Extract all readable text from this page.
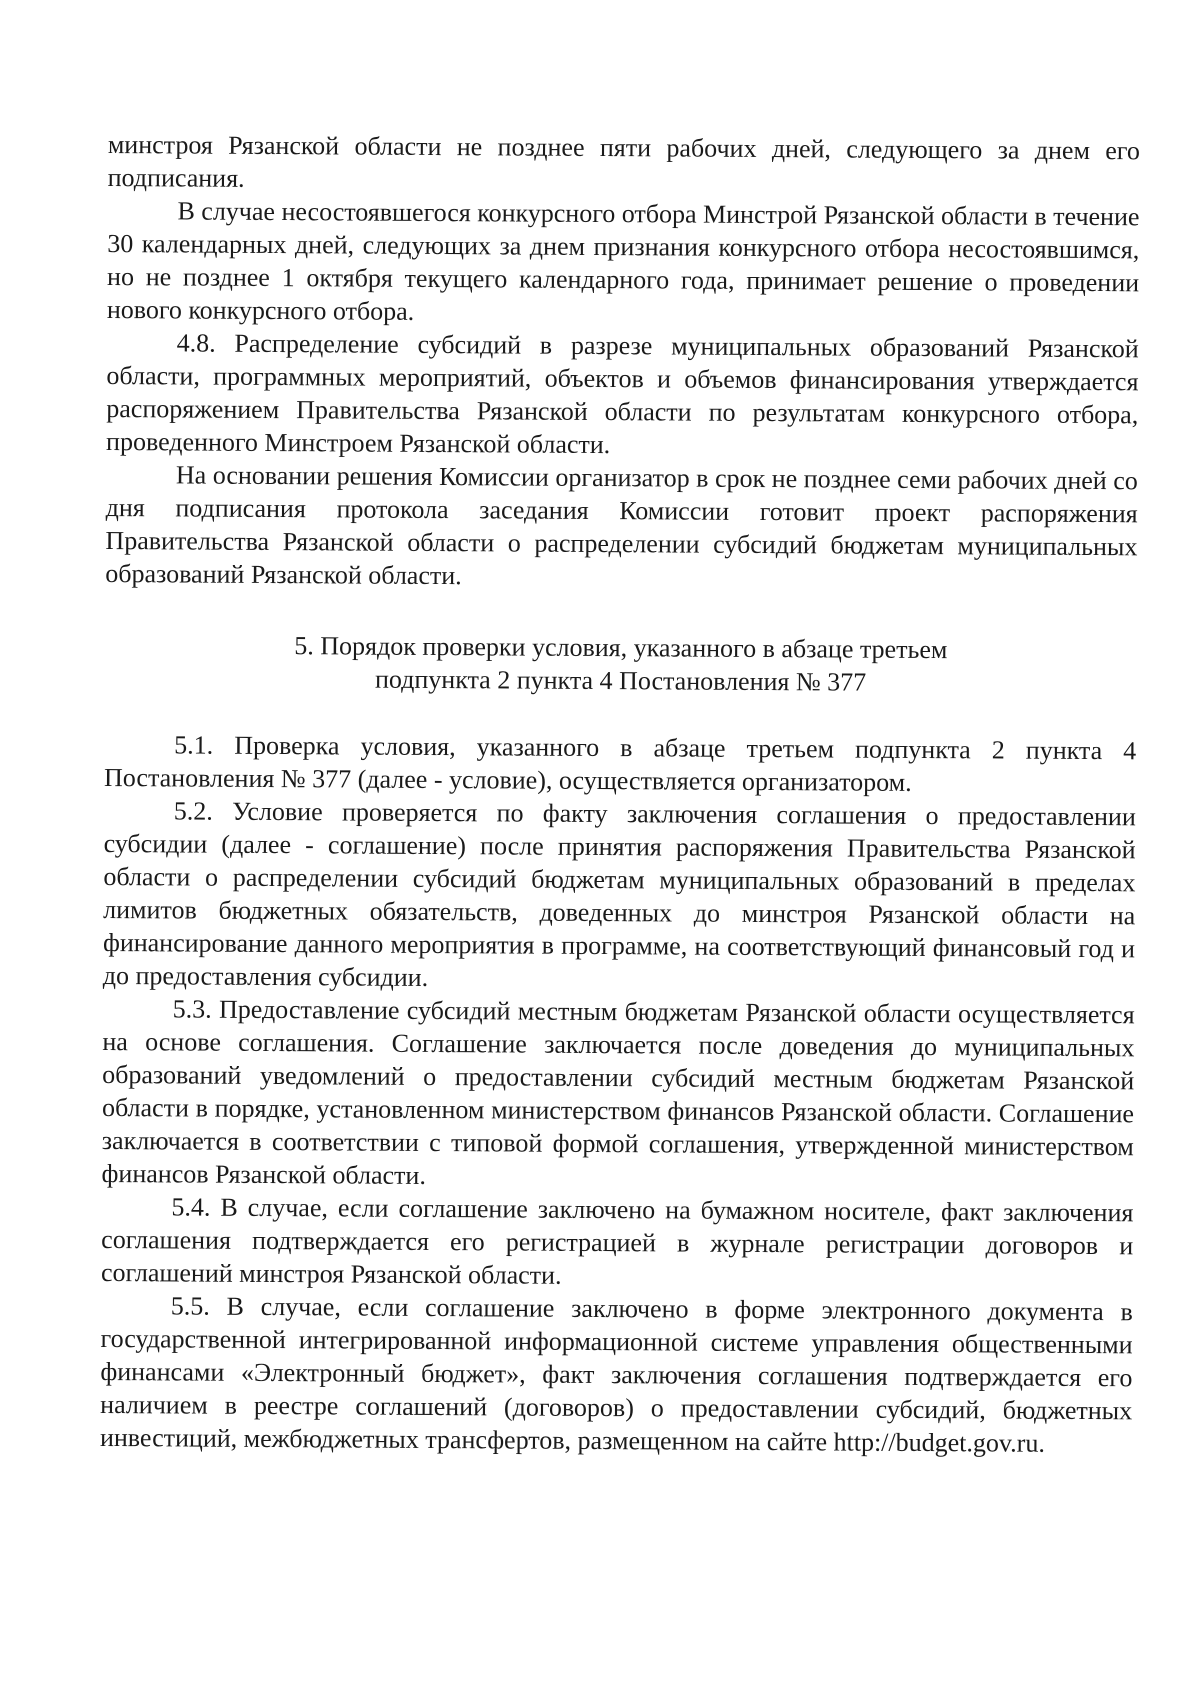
минстроя Рязанской области не позднее пяти рабочих дней, следующего за днем его подписания.

В случае несостоявшегося конкурсного отбора Минстрой Рязанской области в течение 30 календарных дней, следующих за днем признания конкурсного отбора несостоявшимся, но не позднее 1 октября текущего календарного года, принимает решение о проведении нового конкурсного отбора.

4.8. Распределение субсидий в разрезе муниципальных образований Рязанской области, программных мероприятий, объектов и объемов финансирования утверждается распоряжением Правительства Рязанской области по результатам конкурсного отбора, проведенного Минстроем Рязанской области.

На основании решения Комиссии организатор в срок не позднее семи рабочих дней со дня подписания протокола заседания Комиссии готовит проект распоряжения Правительства Рязанской области о распределении субсидий бюджетам муниципальных образований Рязанской области.

5. Порядок проверки условия, указанного в абзаце третьем
подпункта 2 пункта 4 Постановления № 377

5.1. Проверка условия, указанного в абзаце третьем подпункта 2 пункта 4 Постановления № 377 (далее - условие), осуществляется организатором.

5.2. Условие проверяется по факту заключения соглашения о предоставлении субсидии (далее - соглашение) после принятия распоряжения Правительства Рязанской области о распределении субсидий бюджетам муниципальных образований в пределах лимитов бюджетных обязательств, доведенных до минстроя Рязанской области на финансирование данного мероприятия в программе, на соответствующий финансовый год и до предоставления субсидии.

5.3. Предоставление субсидий местным бюджетам Рязанской области осуществляется на основе соглашения. Соглашение заключается после доведения до муниципальных образований уведомлений о предоставлении субсидий местным бюджетам Рязанской области в порядке, установленном министерством финансов Рязанской области. Соглашение заключается в соответствии с типовой формой соглашения, утвержденной министерством финансов Рязанской области.

5.4. В случае, если соглашение заключено на бумажном носителе, факт заключения соглашения подтверждается его регистрацией в журнале регистрации договоров и соглашений минстроя Рязанской области.

5.5. В случае, если соглашение заключено в форме электронного документа в государственной интегрированной информационной системе управления общественными финансами «Электронный бюджет», факт заключения соглашения подтверждается его наличием в реестре соглашений (договоров) о предоставлении субсидий, бюджетных инвестиций, межбюджетных трансфертов, размещенном на сайте http://budget.gov.ru.
